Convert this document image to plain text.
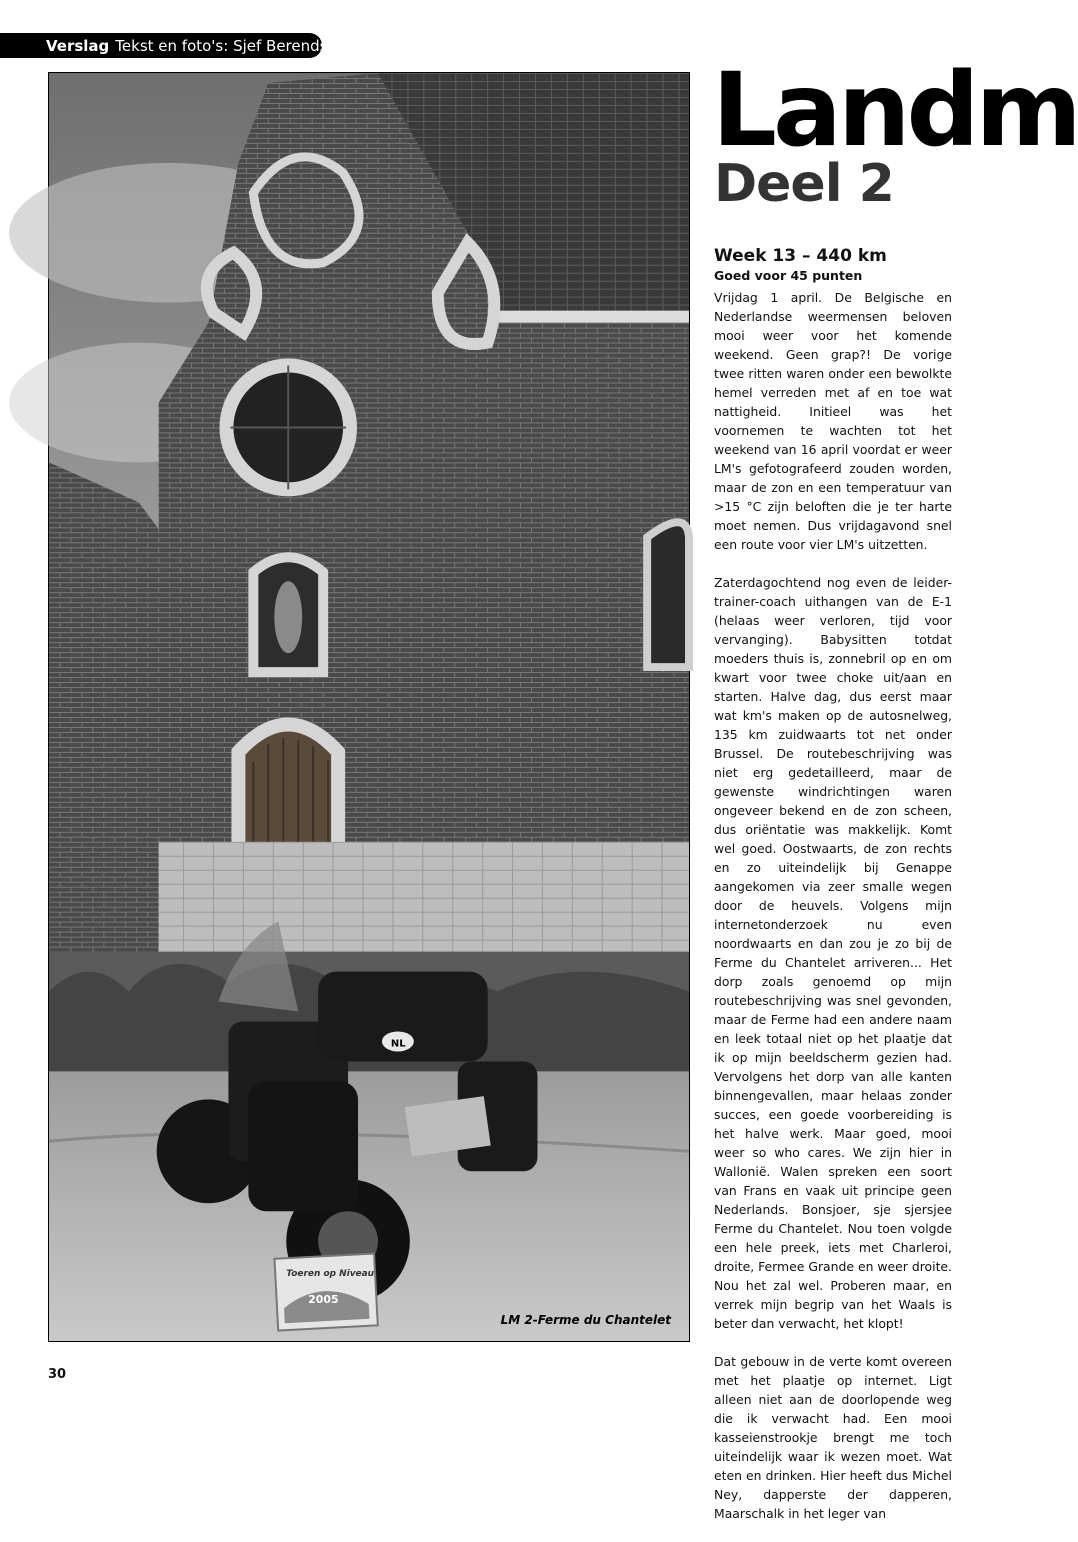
Verslag Tekst en foto's: Sjef Berendsen
NL
Toeren op Niveau
2005
LM 2-Ferme du Chantelet
Landm
Deel 2
Week 13 – 440 km
Goed voor 45 punten

Vrijdag 1 april. De Belgische en Nederlandse weermensen beloven mooi weer voor het komende weekend. Geen grap?! De vorige twee ritten waren onder een bewolkte hemel verreden met af en toe wat nattigheid. Initieel was het voornemen te wachten tot het weekend van 16 april voordat er weer LM's gefotografeerd zouden worden, maar de zon en een temperatuur van >15 °C zijn beloften die je ter harte moet nemen. Dus vrijdagavond snel een route voor vier LM's uitzetten.

Zaterdagochtend nog even de leider-trainer-coach uithangen van de E-1 (helaas weer verloren, tijd voor vervanging). Babysitten totdat moeders thuis is, zonnebril op en om kwart voor twee choke uit/aan en starten. Halve dag, dus eerst maar wat km's maken op de autosnelweg, 135 km zuidwaarts tot net onder Brussel. De routebeschrijving was niet erg gedetailleerd, maar de gewenste windrichtingen waren ongeveer bekend en de zon scheen, dus oriëntatie was makkelijk. Komt wel goed. Oostwaarts, de zon rechts en zo uiteindelijk bij Genappe aangekomen via zeer smalle wegen door de heuvels. Volgens mijn internetonderzoek nu even noordwaarts en dan zou je zo bij de Ferme du Chantelet arriveren... Het dorp zoals genoemd op mijn routebeschrijving was snel gevonden, maar de Ferme had een andere naam en leek totaal niet op het plaatje dat ik op mijn beeldscherm gezien had. Vervolgens het dorp van alle kanten binnengevallen, maar helaas zonder succes, een goede voorbereiding is het halve werk. Maar goed, mooi weer so who cares. We zijn hier in Wallonië. Walen spreken een soort van Frans en vaak uit principe geen Nederlands. Bonsjoer, sje sjersjee Ferme du Chantelet. Nou toen volgde een hele preek, iets met Charleroi, droite, Fermee Grande en weer droite. Nou het zal wel. Proberen maar, en verrek mijn begrip van het Waals is beter dan verwacht, het klopt!

Dat gebouw in de verte komt overeen met het plaatje op internet. Ligt alleen niet aan de doorlopende weg die ik verwacht had. Een mooi kasseienstrookje brengt me toch uiteindelijk waar ik wezen moet. Wat eten en drinken. Hier heeft dus Michel Ney, dapperste der dapperen, Maarschalk in het leger van

30
